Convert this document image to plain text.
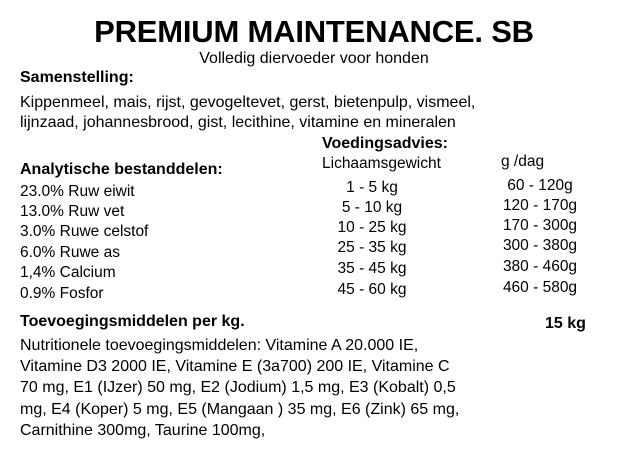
PREMIUM MAINTENANCE. SB
Volledig diervoeder voor honden
Samenstelling:
Kippenmeel, mais, rijst, gevogeltevet, gerst, bietenpulp, vismeel,
lijnzaad, johannesbrood, gist, lecithine, vitamine en mineralen
Voedingsadvies:
Lichaamsgewicht	g /dag
Analytische bestanddelen:
23.0% Ruw eiwit
13.0% Ruw vet
3.0% Ruwe celstof
6.0% Ruwe as
1,4% Calcium
0.9% Fosfor
1 - 5 kg	60 - 120g
5 - 10 kg	120 - 170g
10 - 25 kg	170 - 300g
25 - 35 kg	300 - 380g
35 - 45 kg	380 - 460g
45 - 60 kg	460 - 580g
Toevoegingsmiddelen per kg.	15 kg
Nutritionele toevoegingsmiddelen: Vitamine A 20.000 IE,
Vitamine D3 2000 IE, Vitamine E (3a700) 200 IE, Vitamine C
70 mg, E1 (IJzer) 50 mg, E2 (Jodium) 1,5 mg, E3 (Kobalt) 0,5
mg, E4 (Koper) 5 mg, E5 (Mangaan ) 35 mg, E6 (Zink) 65 mg,
Carnithine 300mg, Taurine 100mg,
